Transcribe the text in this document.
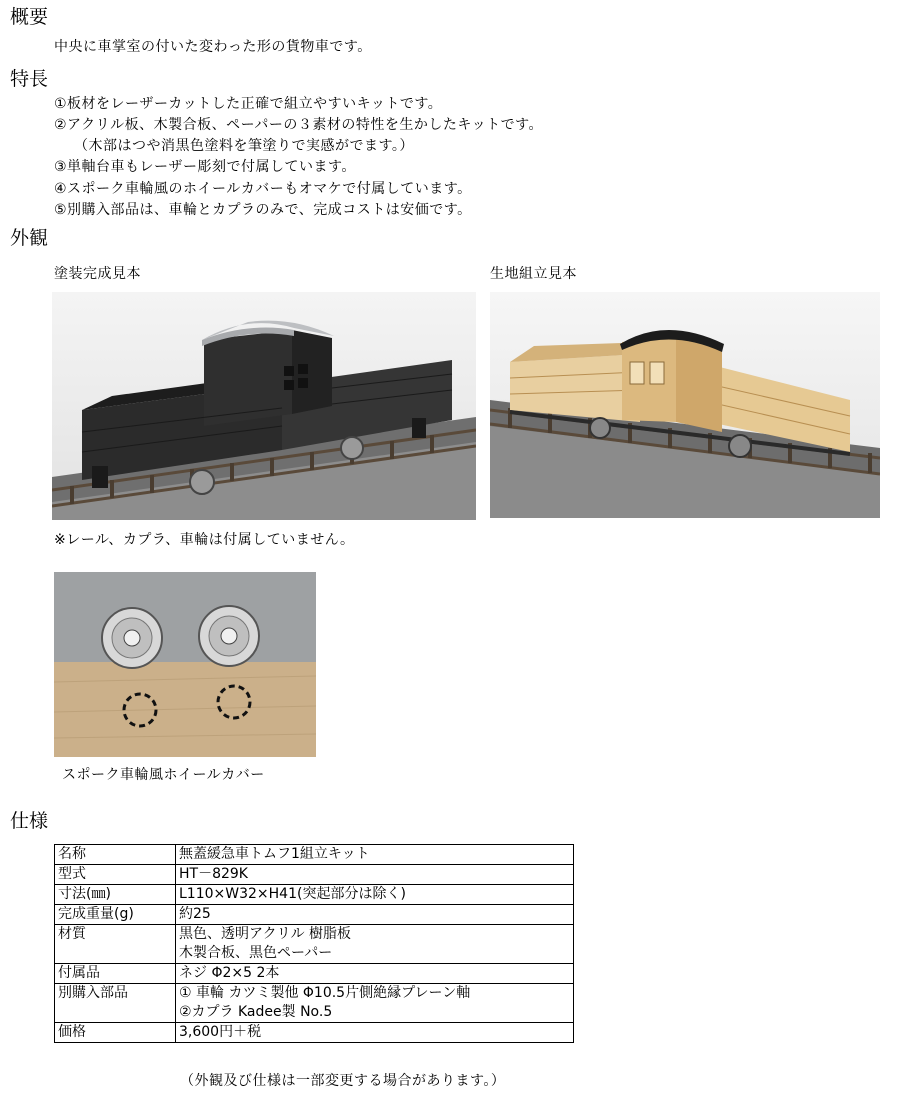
概要
中央に車掌室の付いた変わった形の貨物車です。
特長
①板材をレーザーカットした正確で組立やすいキットです。
②アクリル板、木製合板、ペーパーの３素材の特性を生かしたキットです。
（木部はつや消黒色塗料を筆塗りで実感がでます。）
③単軸台車もレーザー彫刻で付属しています。
④スポーク車輪風のホイールカバーもオマケで付属しています。
⑤別購入部品は、車輪とカプラのみで、完成コストは安価です。
外観
塗装完成見本	生地組立見本
※レール、カプラ、車輪は付属していません。
スポーク車輪風ホイールカバー
仕様
名称	無蓋緩急車トムフ1組立キット
型式	HT－829K
寸法(㎜)	L110×W32×H41(突起部分は除く)
完成重量(g)	約25
材質	黒色、透明アクリル 樹脂板
木製合板、黒色ペーパー

付属品	ネジ Φ2×5 2本
別購入部品	① 車輪 カツミ製他 Φ10.5片側絶縁プレーン軸
②カプラ Kadee製 No.5

価格	3,600円＋税
（外観及び仕様は一部変更する場合があります。）
